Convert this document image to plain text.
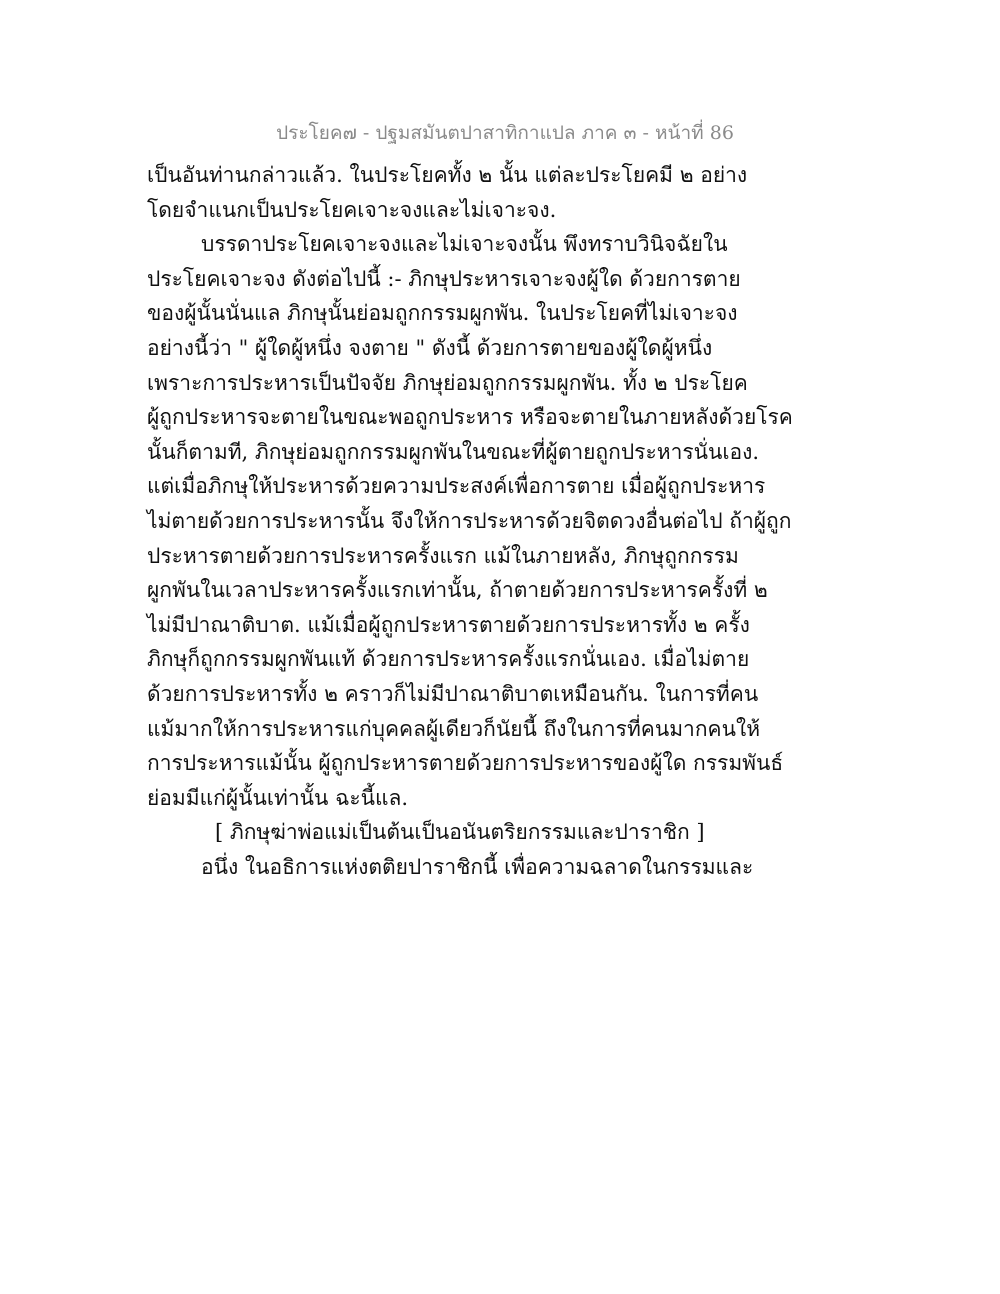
ประโยค๗ - ปฐมสมันตปาสาทิกาแปล ภาค ๓ - หน้าที่ 86
เป็นอันท่านกล่าวแล้ว. ในประโยคทั้ง ๒ นั้น แต่ละประโยคมี ๒ อย่าง
โดยจำแนกเป็นประโยคเจาะจงและไม่เจาะจง.
บรรดาประโยคเจาะจงและไม่เจาะจงนั้น พึงทราบวินิจฉัยใน
ประโยคเจาะจง ดังต่อไปนี้ :- ภิกษุประหารเจาะจงผู้ใด ด้วยการตาย
ของผู้นั้นนั่นแล ภิกษุนั้นย่อมถูกกรรมผูกพัน. ในประโยคที่ไม่เจาะจง
อย่างนี้ว่า " ผู้ใดผู้หนึ่ง จงตาย " ดังนี้ ด้วยการตายของผู้ใดผู้หนึ่ง
เพราะการประหารเป็นปัจจัย ภิกษุย่อมถูกกรรมผูกพัน. ทั้ง ๒ ประโยค
ผู้ถูกประหารจะตายในขณะพอถูกประหาร หรือจะตายในภายหลังด้วยโรค
นั้นก็ตามที, ภิกษุย่อมถูกกรรมผูกพันในขณะที่ผู้ตายถูกประหารนั่นเอง.
แต่เมื่อภิกษุให้ประหารด้วยความประสงค์เพื่อการตาย เมื่อผู้ถูกประหาร
ไม่ตายด้วยการประหารนั้น จึงให้การประหารด้วยจิตดวงอื่นต่อไป ถ้าผู้ถูก
ประหารตายด้วยการประหารครั้งแรก แม้ในภายหลัง, ภิกษุถูกกรรม
ผูกพันในเวลาประหารครั้งแรกเท่านั้น, ถ้าตายด้วยการประหารครั้งที่ ๒
ไม่มีปาณาติบาต. แม้เมื่อผู้ถูกประหารตายด้วยการประหารทั้ง ๒ ครั้ง
ภิกษุก็ถูกกรรมผูกพันแท้ ด้วยการประหารครั้งแรกนั่นเอง. เมื่อไม่ตาย
ด้วยการประหารทั้ง ๒ คราวก็ไม่มีปาณาติบาตเหมือนกัน. ในการที่คน
แม้มากให้การประหารแก่บุคคลผู้เดียวก็นัยนี้ ถึงในการที่คนมากคนให้
การประหารแม้นั้น ผู้ถูกประหารตายด้วยการประหารของผู้ใด กรรมพันธ์
ย่อมมีแก่ผู้นั้นเท่านั้น ฉะนี้แล.
[ ภิกษุฆ่าพ่อแม่เป็นต้นเป็นอนันตริยกรรมและปาราชิก ]
อนึ่ง ในอธิการแห่งตติยปาราชิกนี้ เพื่อความฉลาดในกรรมและ
